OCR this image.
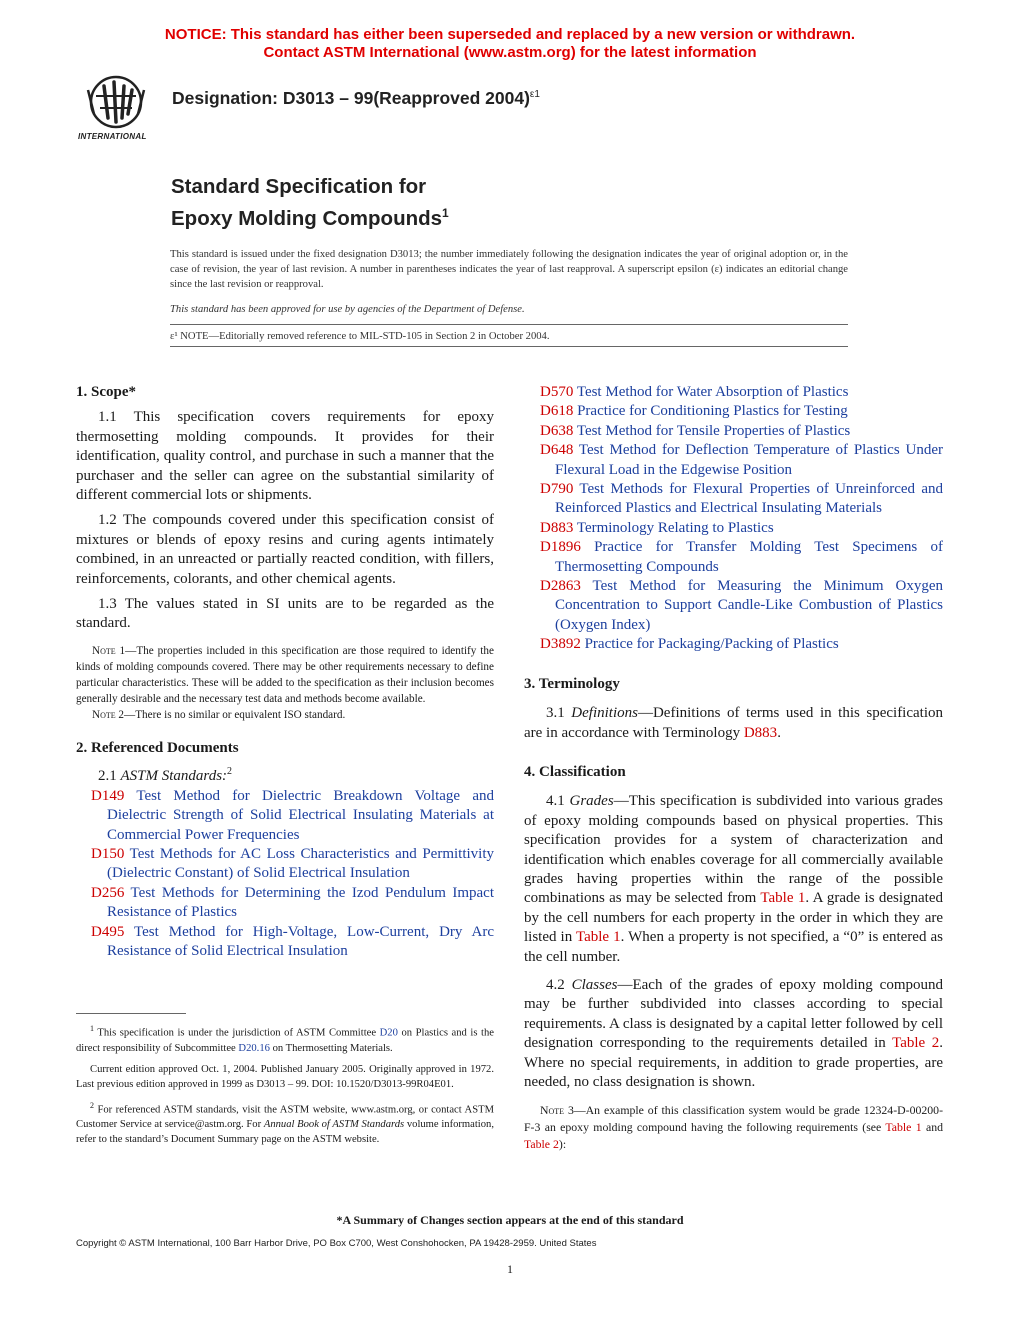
NOTICE: This standard has either been superseded and replaced by a new version or withdrawn.
Contact ASTM International (www.astm.org) for the latest information
INTERNATIONAL
Designation: D3013 – 99(Reapproved 2004)$^{\varepsilon 1}$
Standard Specification for
Epoxy Molding Compounds$^1$

This standard is issued under the fixed designation D3013; the number immediately following the designation indicates the year of original adoption or, in the case of revision, the year of last revision. A number in parentheses indicates the year of last reapproval. A superscript epsilon (ε) indicates an editorial change since the last revision or reapproval.

This standard has been approved for use by agencies of the Department of Defense.

ε¹ NOTE—Editorially removed reference to MIL-STD-105 in Section 2 in October 2004.

1. Scope*

1.1 This specification covers requirements for epoxy thermosetting molding compounds. It provides for their identification, quality control, and purchase in such a manner that the purchaser and the seller can agree on the substantial similarity of different commercial lots or shipments.

1.2 The compounds covered under this specification consist of mixtures or blends of epoxy resins and curing agents intimately combined, in an unreacted or partially reacted condition, with fillers, reinforcements, colorants, and other chemical agents.

1.3 The values stated in SI units are to be regarded as the standard.

Note 1—The properties included in this specification are those required to identify the kinds of molding compounds covered. There may be other requirements necessary to define particular characteristics. These will be added to the specification as their inclusion becomes generally desirable and the necessary test data and methods become available.
Note 2—There is no similar or equivalent ISO standard.

2. Referenced Documents

2.1 ASTM Standards:$^2$

D149 Test Method for Dielectric Breakdown Voltage and Dielectric Strength of Solid Electrical Insulating Materials at Commercial Power Frequencies

D150 Test Methods for AC Loss Characteristics and Permittivity (Dielectric Constant) of Solid Electrical Insulation

D256 Test Methods for Determining the Izod Pendulum Impact Resistance of Plastics

D495 Test Method for High-Voltage, Low-Current, Dry Arc Resistance of Solid Electrical Insulation

$^1$ This specification is under the jurisdiction of ASTM Committee D20 on Plastics and is the direct responsibility of Subcommittee D20.16 on Thermosetting Materials.

Current edition approved Oct. 1, 2004. Published January 2005. Originally approved in 1972. Last previous edition approved in 1999 as D3013 – 99. DOI: 10.1520/D3013-99R04E01.

$^2$ For referenced ASTM standards, visit the ASTM website, www.astm.org, or contact ASTM Customer Service at service@astm.org. For Annual Book of ASTM Standards volume information, refer to the standard’s Document Summary page on the ASTM website.

D570 Test Method for Water Absorption of Plastics

D618 Practice for Conditioning Plastics for Testing

D638 Test Method for Tensile Properties of Plastics

D648 Test Method for Deflection Temperature of Plastics Under Flexural Load in the Edgewise Position

D790 Test Methods for Flexural Properties of Unreinforced and Reinforced Plastics and Electrical Insulating Materials

D883 Terminology Relating to Plastics

D1896 Practice for Transfer Molding Test Specimens of Thermosetting Compounds

D2863 Test Method for Measuring the Minimum Oxygen Concentration to Support Candle-Like Combustion of Plastics (Oxygen Index)

D3892 Practice for Packaging/Packing of Plastics

3. Terminology

3.1 Definitions—Definitions of terms used in this specification are in accordance with Terminology D883.

4. Classification

4.1 Grades—This specification is subdivided into various grades of epoxy molding compounds based on physical properties. This specification provides for a system of characterization and identification which enables coverage for all commercially available grades having properties within the range of the possible combinations as may be selected from Table 1. A grade is designated by the cell numbers for each property in the order in which they are listed in Table 1. When a property is not specified, a “0” is entered as the cell number.

4.2 Classes—Each of the grades of epoxy molding compound may be further subdivided into classes according to special requirements. A class is designated by a capital letter followed by cell designation corresponding to the requirements detailed in Table 2. Where no special requirements, in addition to grade properties, are needed, no class designation is shown.

Note 3—An example of this classification system would be grade 12324-D-00200-F-3 an epoxy molding compound having the following requirements (see Table 1 and Table 2):
*A Summary of Changes section appears at the end of this standard
Copyright © ASTM International, 100 Barr Harbor Drive, PO Box C700, West Conshohocken, PA 19428-2959. United States
1
